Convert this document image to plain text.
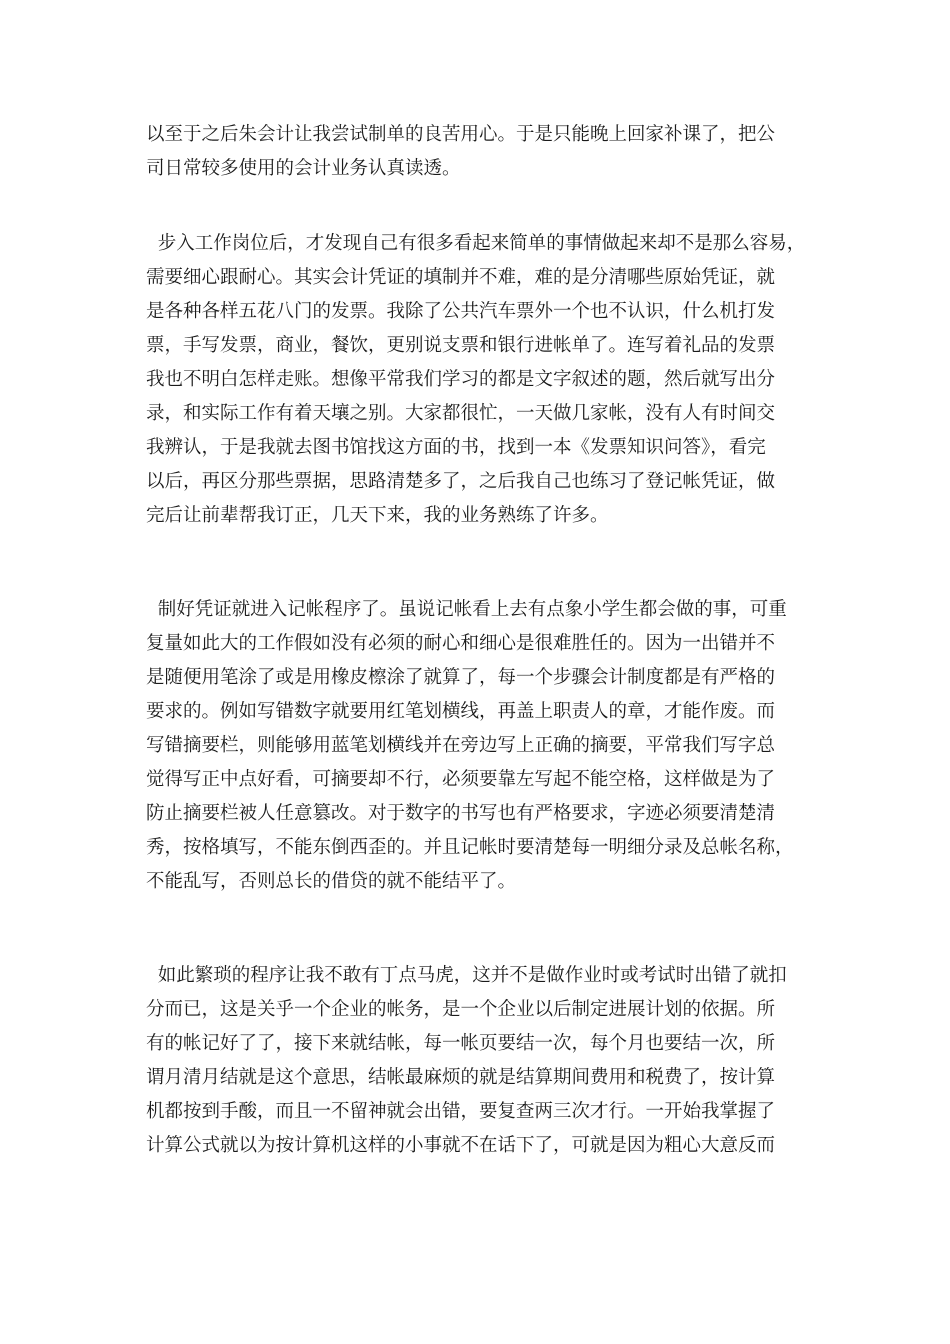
以至于之后朱会计让我尝试制单的良苦用心。于是只能晚上回家补课了，把公
司日常较多使用的会计业务认真读透。

步入工作岗位后，才发现自己有很多看起来简单的事情做起来却不是那么容易，
需要细心跟耐心。其实会计凭证的填制并不难，难的是分清哪些原始凭证，就
是各种各样五花八门的发票。我除了公共汽车票外一个也不认识，什么机打发
票，手写发票，商业，餐饮，更别说支票和银行进帐单了。连写着礼品的发票
我也不明白怎样走账。想像平常我们学习的都是文字叙述的题，然后就写出分
录，和实际工作有着天壤之别。大家都很忙，一天做几家帐，没有人有时间交
我辨认，于是我就去图书馆找这方面的书，找到一本《发票知识问答》，看完
以后，再区分那些票据，思路清楚多了，之后我自己也练习了登记帐凭证，做
完后让前辈帮我订正，几天下来，我的业务熟练了许多。

制好凭证就进入记帐程序了。虽说记帐看上去有点象小学生都会做的事，可重
复量如此大的工作假如没有必须的耐心和细心是很难胜任的。因为一出错并不
是随便用笔涂了或是用橡皮檫涂了就算了，每一个步骤会计制度都是有严格的
要求的。例如写错数字就要用红笔划横线，再盖上职责人的章，才能作废。而
写错摘要栏，则能够用蓝笔划横线并在旁边写上正确的摘要，平常我们写字总
觉得写正中点好看，可摘要却不行，必须要靠左写起不能空格，这样做是为了
防止摘要栏被人任意篡改。对于数字的书写也有严格要求，字迹必须要清楚清
秀，按格填写，不能东倒西歪的。并且记帐时要清楚每一明细分录及总帐名称，
不能乱写，否则总长的借贷的就不能结平了。

如此繁琐的程序让我不敢有丁点马虎，这并不是做作业时或考试时出错了就扣
分而已，这是关乎一个企业的帐务，是一个企业以后制定进展计划的依据。所
有的帐记好了了，接下来就结帐，每一帐页要结一次，每个月也要结一次，所
谓月清月结就是这个意思，结帐最麻烦的就是结算期间费用和税费了，按计算
机都按到手酸，而且一不留神就会出错，要复查两三次才行。一开始我掌握了
计算公式就以为按计算机这样的小事就不在话下了，可就是因为粗心大意反而
